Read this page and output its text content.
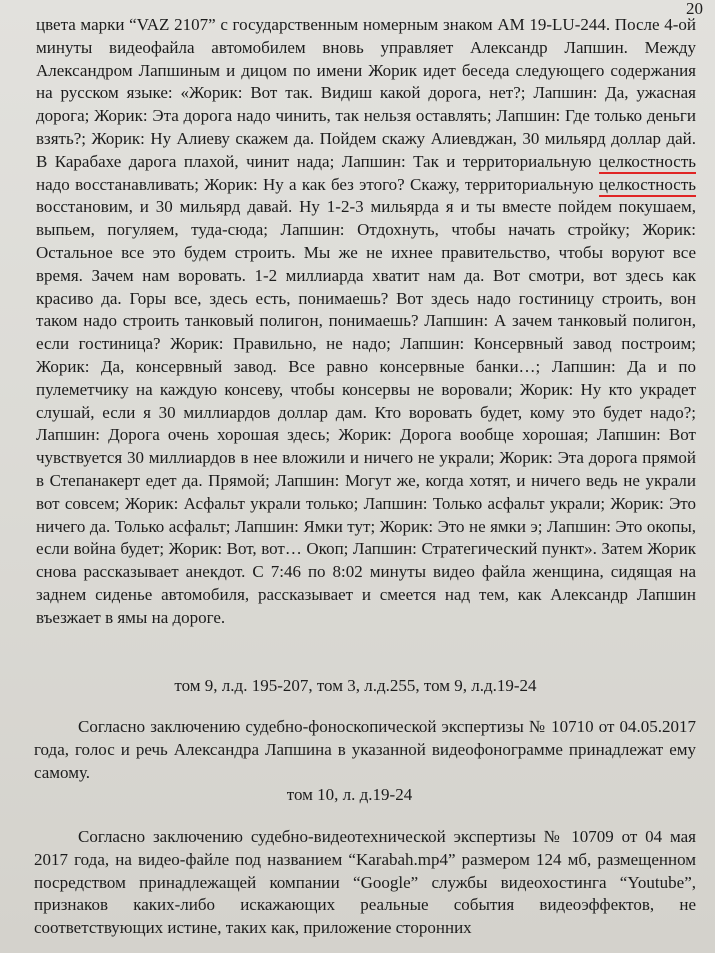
20

цвета марки “VAZ 2107” с государственным номерным знаком АМ 19-LU-244. После 4-ой минуты видеофайла автомобилем вновь управляет Александр Лапшин. Между Александром Лапшиным и дицом по имени Жорик идет беседа следующего содержания на русском языке: «Жорик: Вот так. Видиш какой дорога, нет?; Лапшин: Да, ужасная дорога; Жорик: Эта дорога надо чинить, так нельзя оставлять; Лапшин: Где только деньги взять?; Жорик: Ну Алиеву скажем да. Пойдем скажу Алиевджан, 30 мильярд доллар дай. В Карабахе дарога плахой, чинит нада; Лапшин: Так и территориальную целкостность надо восстанавливать; Жорик: Ну а как без этого? Скажу, территориальную целкостность восстановим, и 30 мильярд давай. Ну 1-2-3 мильярда я и ты вместе пойдем покушаем, выпьем, погуляем, туда-сюда; Лапшин: Отдохнуть, чтобы начать стройку; Жорик: Остальное все это будем строить. Мы же не ихнее правительство, чтобы воруют все время. Зачем нам воровать. 1-2 миллиарда хватит нам да. Вот смотри, вот здесь как красиво да. Горы все, здесь есть, понимаешь? Вот здесь надо гостиницу строить, вон таком надо строить танковый полигон, понимаешь? Лапшин: А зачем танковый полигон, если гостиница? Жорик: Правильно, не надо; Лапшин: Консервный завод построим; Жорик: Да, консервный завод. Все равно консервные банки…; Лапшин: Да и по пулеметчику на каждую консеву, чтобы консервы не воровали; Жорик: Ну кто украдет слушай, если я 30 миллиардов доллар дам. Кто воровать будет, кому это будет надо?; Лапшин: Дорога очень хорошая здесь; Жорик: Дорога вообще хорошая; Лапшин: Вот чувствуется 30 миллиардов в нее вложили и ничего не украли; Жорик: Эта дорога прямой в Степанакерт едет да. Прямой; Лапшин: Могут же, когда хотят, и ничего ведь не украли вот совсем; Жорик: Асфальт украли только; Лапшин: Только асфальт украли; Жорик: Это ничего да. Только асфальт; Лапшин: Ямки тут; Жорик: Это не ямки э; Лапшин: Это окопы, если война будет; Жорик: Вот, вот… Окоп; Лапшин: Стратегический пункт». Затем Жорик снова рассказывает анекдот. С 7:46 по 8:02 минуты видео файла женщина, сидящая на заднем сиденье автомобиля, рассказывает и смеется над тем, как Александр Лапшин въезжает в ямы на дороге.

том 9, л.д. 195-207, том 3, л.д.255, том 9, л.д.19-24

Согласно заключению судебно-фоноскопической экспертизы № 10710 от 04.05.2017 года, голос и речь Александра Лапшина в указанной видеофонограмме принадлежат ему самому.

том 10, л. д.19-24

Согласно заключению судебно-видеотехнической экспертизы № 10709 от 04 мая 2017 года, на видео-файле под названием “Karabah.mp4” размером 124 мб, размещенном посредством принадлежащей компании “Google” службы видеохостинга “Youtube”, признаков каких-либо искажающих реальные события видеоэффектов, не соответствующих истине, таких как, приложение сторонних
